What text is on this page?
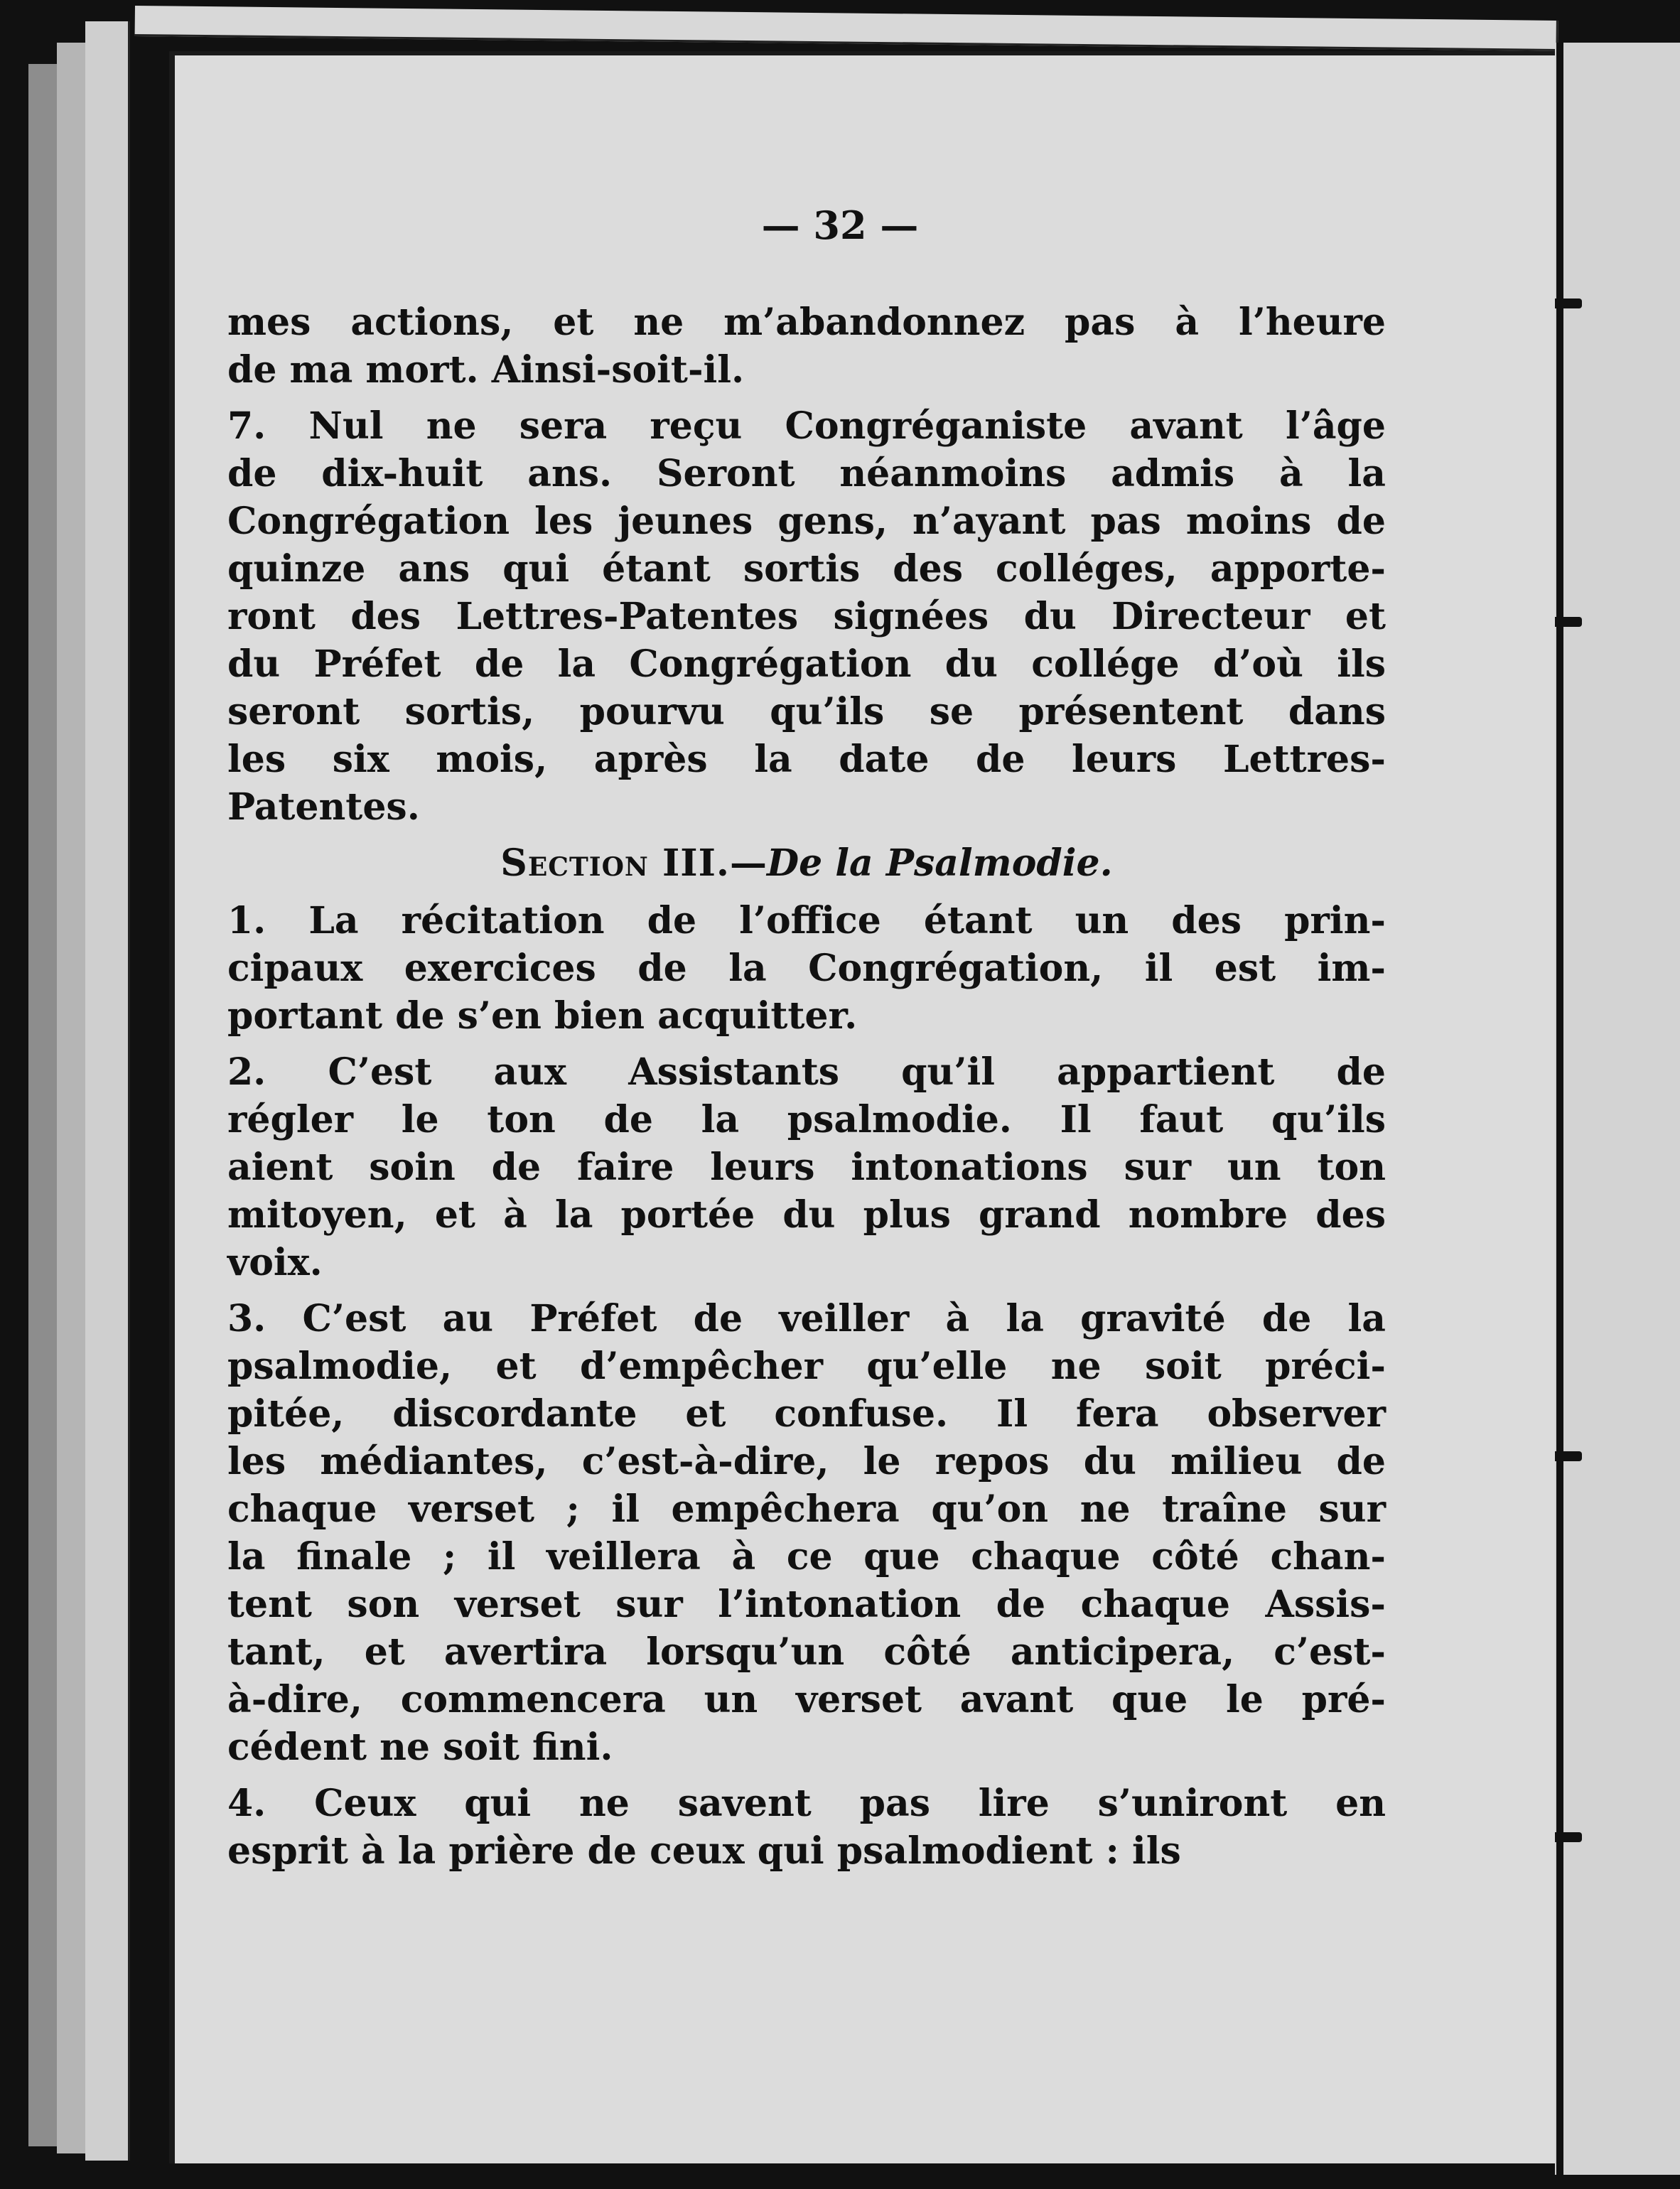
— 32 —
mes actions, et ne m’abandonnez pas à l’heure
de ma mort. Ainsi-soit-il.
7. Nul ne sera reçu Congréganiste avant l’âge
de dix-huit ans. Seront néanmoins admis à la
Congrégation les jeunes gens, n’ayant pas moins de
quinze ans qui étant sortis des colléges, apporte-
ront des Lettres-Patentes signées du Directeur et
du Préfet de la Congrégation du collége d’où ils
seront sortis, pourvu qu’ils se présentent dans
les six mois, après la date de leurs Lettres-
Patentes.
Section III.—De la Psalmodie.
1. La récitation de l’office étant un des prin-
cipaux exercices de la Congrégation, il est im-
portant de s’en bien acquitter.
2. C’est aux Assistants qu’il appartient de
régler le ton de la psalmodie. Il faut qu’ils
aient soin de faire leurs intonations sur un ton
mitoyen, et à la portée du plus grand nombre des
voix.
3. C’est au Préfet de veiller à la gravité de la
psalmodie, et d’empêcher qu’elle ne soit préci-
pitée, discordante et confuse. Il fera observer
les médiantes, c’est-à-dire, le repos du milieu de
chaque verset ; il empêchera qu’on ne traîne sur
la finale ; il veillera à ce que chaque côté chan-
tent son verset sur l’intonation de chaque Assis-
tant, et avertira lorsqu’un côté anticipera, c’est-
à-dire, commencera un verset avant que le pré-
cédent ne soit fini.
4. Ceux qui ne savent pas lire s’uniront en
esprit à la prière de ceux qui psalmodient : ils
